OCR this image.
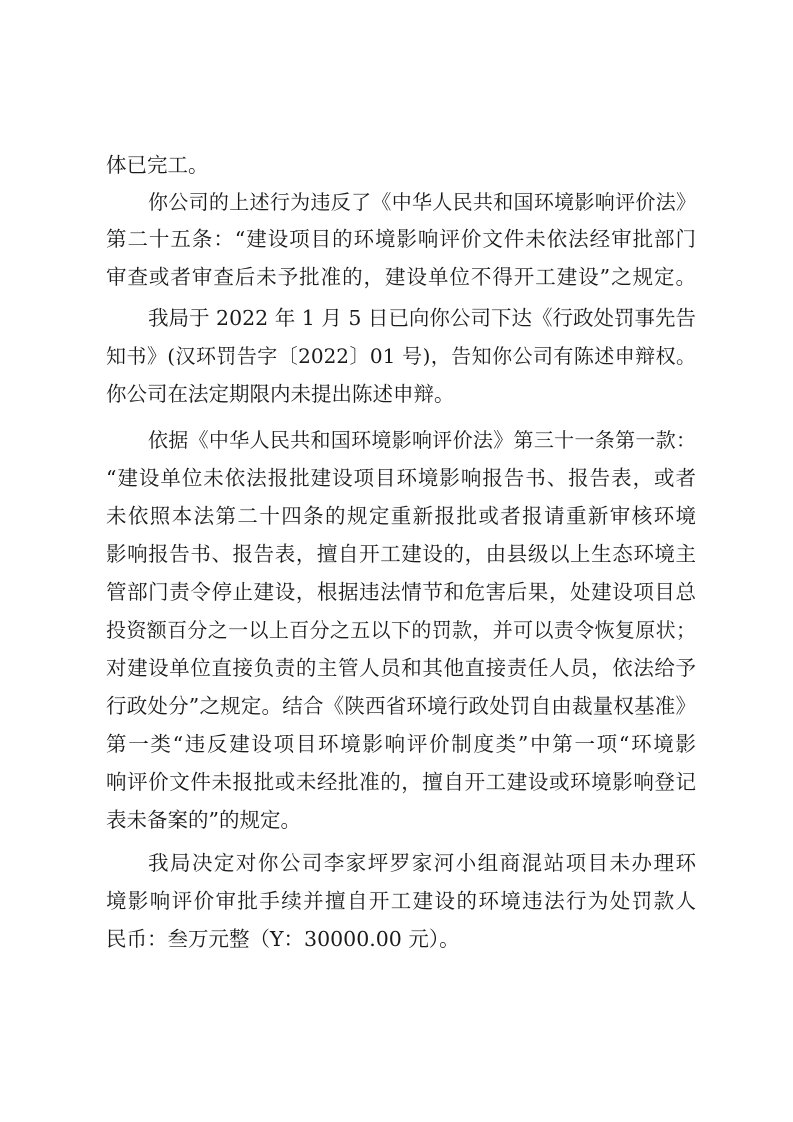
体已完工。
你公司的上述行为违反了《中华人民共和国环境影响评价法》
第二十五条：“建设项目的环境影响评价文件未依法经审批部门
审查或者审查后未予批准的，建设单位不得开工建设”之规定。
我局于 2022 年 1 月 5 日已向你公司下达《行政处罚事先告
知书》(汉环罚告字〔2022〕01 号)，告知你公司有陈述申辩权。
你公司在法定期限内未提出陈述申辩。
依据《中华人民共和国环境影响评价法》第三十一条第一款：
“建设单位未依法报批建设项目环境影响报告书、报告表，或者
未依照本法第二十四条的规定重新报批或者报请重新审核环境
影响报告书、报告表，擅自开工建设的，由县级以上生态环境主
管部门责令停止建设，根据违法情节和危害后果，处建设项目总
投资额百分之一以上百分之五以下的罚款，并可以责令恢复原状；
对建设单位直接负责的主管人员和其他直接责任人员，依法给予
行政处分”之规定。结合《陕西省环境行政处罚自由裁量权基准》
第一类“违反建设项目环境影响评价制度类”中第一项“环境影
响评价文件未报批或未经批准的，擅自开工建设或环境影响登记
表未备案的”的规定。
我局决定对你公司李家坪罗家河小组商混站项目未办理环
境影响评价审批手续并擅自开工建设的环境违法行为处罚款人
民币：叁万元整（Y：30000.00 元）。
